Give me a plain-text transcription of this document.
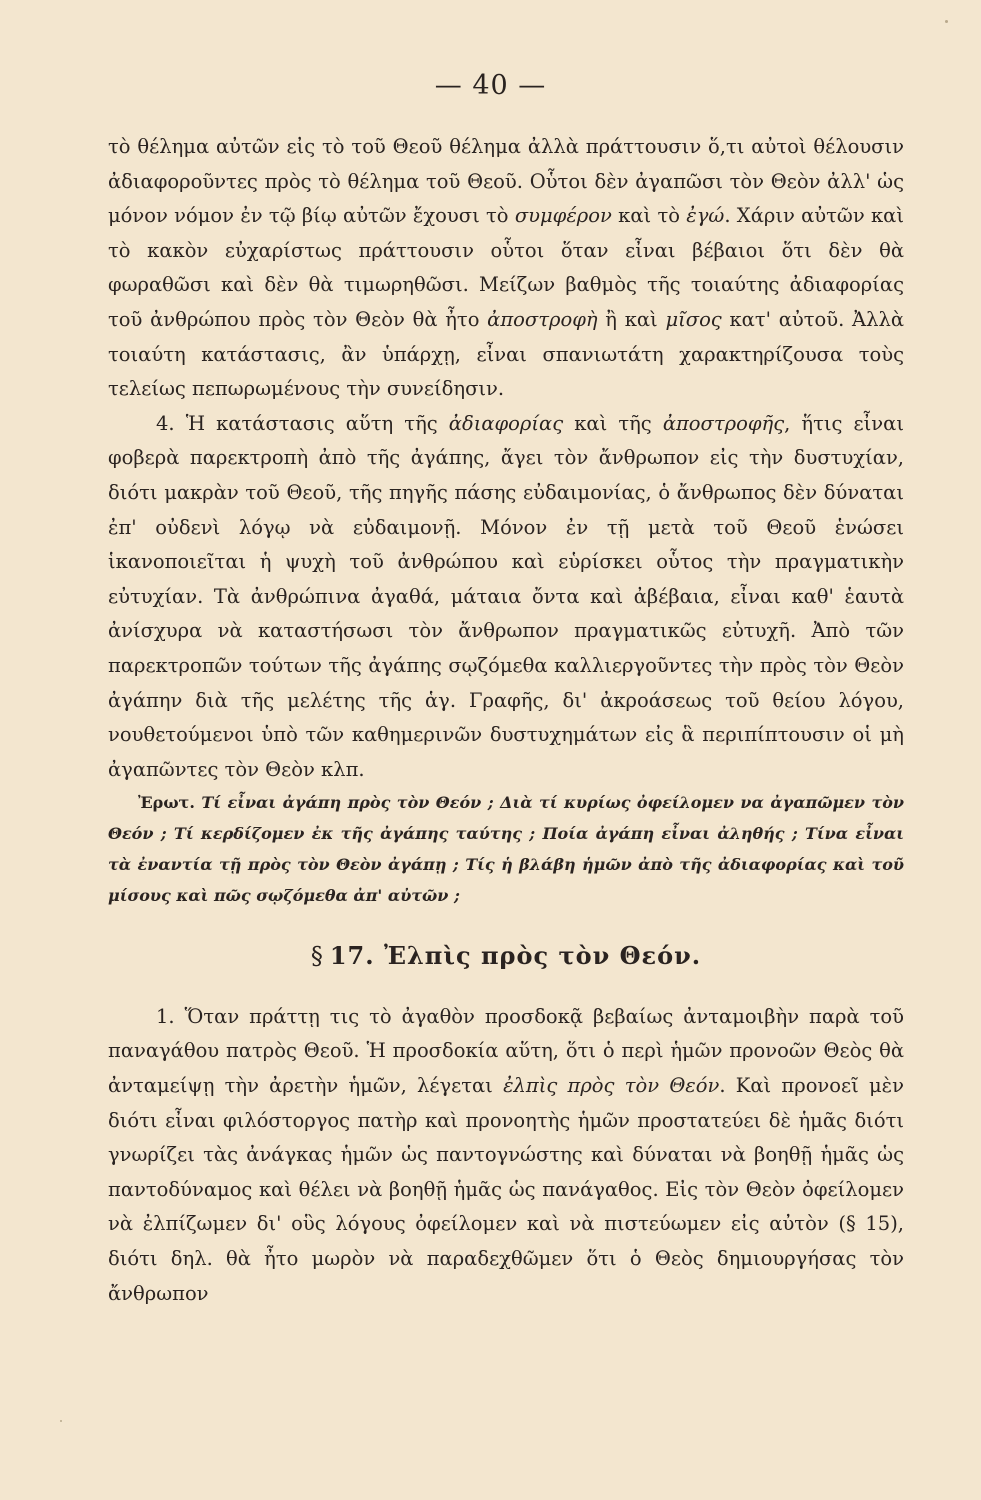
— 40 —

τὸ θέλημα αὐτῶν εἰς τὸ τοῦ Θεοῦ θέλημα ἀλλὰ πράττουσιν ὅ,τι αὐτοὶ θέλουσιν ἀδιαφοροῦντες πρὸς τὸ θέλημα τοῦ Θεοῦ. Οὗτοι δὲν ἀγαπῶσι τὸν Θεὸν ἀλλ' ὡς μόνον νόμον ἐν τῷ βίῳ αὐτῶν ἔχουσι τὸ συμφέρον καὶ τὸ ἐγώ. Χάριν αὐτῶν καὶ τὸ κακὸν εὐχαρίστως πράττουσιν οὗτοι ὅταν εἶναι βέβαιοι ὅτι δὲν θὰ φωραθῶσι καὶ δὲν θὰ τιμωρηθῶσι. Μείζων βαθμὸς τῆς τοιαύτης ἀδιαφορίας τοῦ ἀνθρώπου πρὸς τὸν Θεὸν θὰ ἦτο ἀποστροφὴ ἢ καὶ μῖσος κατ' αὐτοῦ. Ἀλλὰ τοιαύτη κατάστασις, ἂν ὑπάρχῃ, εἶναι σπανιωτάτη χαρακτηρίζουσα τοὺς τελείως πεπωρωμένους τὴν συνείδησιν.

4. Ἡ κατάστασις αὕτη τῆς ἀδιαφορίας καὶ τῆς ἀποστροφῆς, ἥτις εἶναι φοβερὰ παρεκτροπὴ ἀπὸ τῆς ἀγάπης, ἄγει τὸν ἄνθρωπον εἰς τὴν δυστυχίαν, διότι μακρὰν τοῦ Θεοῦ, τῆς πηγῆς πάσης εὐδαιμονίας, ὁ ἄνθρωπος δὲν δύναται ἐπ' οὐδενὶ λόγῳ νὰ εὐδαιμονῇ. Μόνον ἐν τῇ μετὰ τοῦ Θεοῦ ἑνώσει ἱκανοποιεῖται ἡ ψυχὴ τοῦ ἀνθρώπου καὶ εὑρίσκει οὗτος τὴν πραγματικὴν εὐτυχίαν. Τὰ ἀνθρώπινα ἀγαθά, μάταια ὄντα καὶ ἀβέβαια, εἶναι καθ' ἑαυτὰ ἀνίσχυρα νὰ καταστήσωσι τὸν ἄνθρωπον πραγματικῶς εὐτυχῆ. Ἀπὸ τῶν παρεκτροπῶν τούτων τῆς ἀγάπης σῳζόμεθα καλλιεργοῦντες τὴν πρὸς τὸν Θεὸν ἀγάπην διὰ τῆς μελέτης τῆς ἁγ. Γραφῆς, δι' ἀκροάσεως τοῦ θείου λόγου, νουθετούμενοι ὑπὸ τῶν καθημερινῶν δυστυχημάτων εἰς ἃ περιπίπτουσιν οἱ μὴ ἀγαπῶντες τὸν Θεὸν κλπ.

Ἐρωτ. Τί εἶναι ἀγάπη πρὸς τὸν Θεόν ; Διὰ τί κυρίως ὀφείλομεν να ἀγαπῶμεν τὸν Θεόν ; Τί κερδίζομεν ἐκ τῆς ἀγάπης ταύτης ; Ποία ἀγάπη εἶναι ἀληθής ; Τίνα εἶναι τὰ ἐναντία τῇ πρὸς τὸν Θεὸν ἀγάπῃ ; Τίς ἡ βλάβη ἡμῶν ἀπὸ τῆς ἀδιαφορίας καὶ τοῦ μίσους καὶ πῶς σῳζόμεθα ἀπ' αὐτῶν ;

§ 17. Ἐλπὶς πρὸς τὸν Θεόν.

1. Ὅταν πράττῃ τις τὸ ἀγαθὸν προσδοκᾷ βεβαίως ἀνταμοιβὴν παρὰ τοῦ παναγάθου πατρὸς Θεοῦ. Ἡ προσδοκία αὕτη, ὅτι ὁ περὶ ἡμῶν προνοῶν Θεὸς θὰ ἀνταμείψῃ τὴν ἀρετὴν ἡμῶν, λέγεται ἐλπὶς πρὸς τὸν Θεόν. Καὶ προνοεῖ μὲν διότι εἶναι φιλόστοργος πατὴρ καὶ προνοητὴς ἡμῶν προστατεύει δὲ ἡμᾶς διότι γνωρίζει τὰς ἀνάγκας ἡμῶν ὡς παντογνώστης καὶ δύναται νὰ βοηθῇ ἡμᾶς ὡς παντοδύναμος καὶ θέλει νὰ βοηθῇ ἡμᾶς ὡς πανάγαθος. Εἰς τὸν Θεὸν ὀφείλομεν νὰ ἐλπίζωμεν δι' οὓς λόγους ὀφείλομεν καὶ νὰ πιστεύωμεν εἰς αὐτὸν (§ 15), διότι δηλ. θὰ ἦτο μωρὸν νὰ παραδεχθῶμεν ὅτι ὁ Θεὸς δημιουργήσας τὸν ἄνθρωπον
